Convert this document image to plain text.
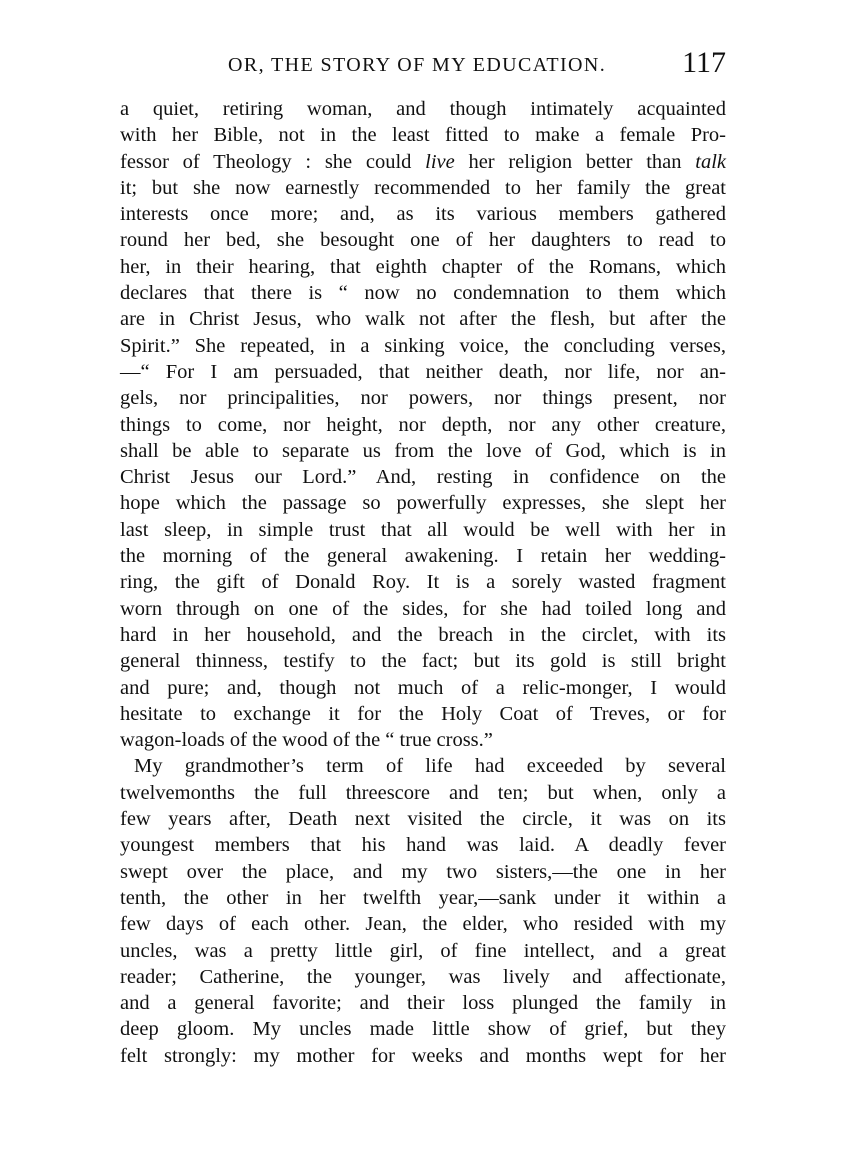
OR, THE STORY OF MY EDUCATION.	117
a quiet, retiring woman, and though intimately acquainted
with her Bible, not in the least fitted to make a female Pro-
fessor of Theology : she could live her religion better than talk
it; but she now earnestly recommended to her family the great
interests once more; and, as its various members gathered
round her bed, she besought one of her daughters to read to
her, in their hearing, that eighth chapter of the Romans, which
declares that there is “ now no condemnation to them which
are in Christ Jesus, who walk not after the flesh, but after the
Spirit.” She repeated, in a sinking voice, the concluding verses,
—“ For I am persuaded, that neither death, nor life, nor an-
gels, nor principalities, nor powers, nor things present, nor
things to come, nor height, nor depth, nor any other creature,
shall be able to separate us from the love of God, which is in
Christ Jesus our Lord.” And, resting in confidence on the
hope which the passage so powerfully expresses, she slept her
last sleep, in simple trust that all would be well with her in
the morning of the general awakening. I retain her wedding-
ring, the gift of Donald Roy. It is a sorely wasted fragment
worn through on one of the sides, for she had toiled long and
hard in her household, and the breach in the circlet, with its
general thinness, testify to the fact; but its gold is still bright
and pure; and, though not much of a relic-monger, I would
hesitate to exchange it for the Holy Coat of Treves, or for
wagon-loads of the wood of the “ true cross.”
My grandmother’s term of life had exceeded by several
twelvemonths the full threescore and ten; but when, only a
few years after, Death next visited the circle, it was on its
youngest members that his hand was laid. A deadly fever
swept over the place, and my two sisters,—the one in her
tenth, the other in her twelfth year,—sank under it within a
few days of each other. Jean, the elder, who resided with my
uncles, was a pretty little girl, of fine intellect, and a great
reader; Catherine, the younger, was lively and affectionate,
and a general favorite; and their loss plunged the family in
deep gloom. My uncles made little show of grief, but they
felt strongly: my mother for weeks and months wept for her
